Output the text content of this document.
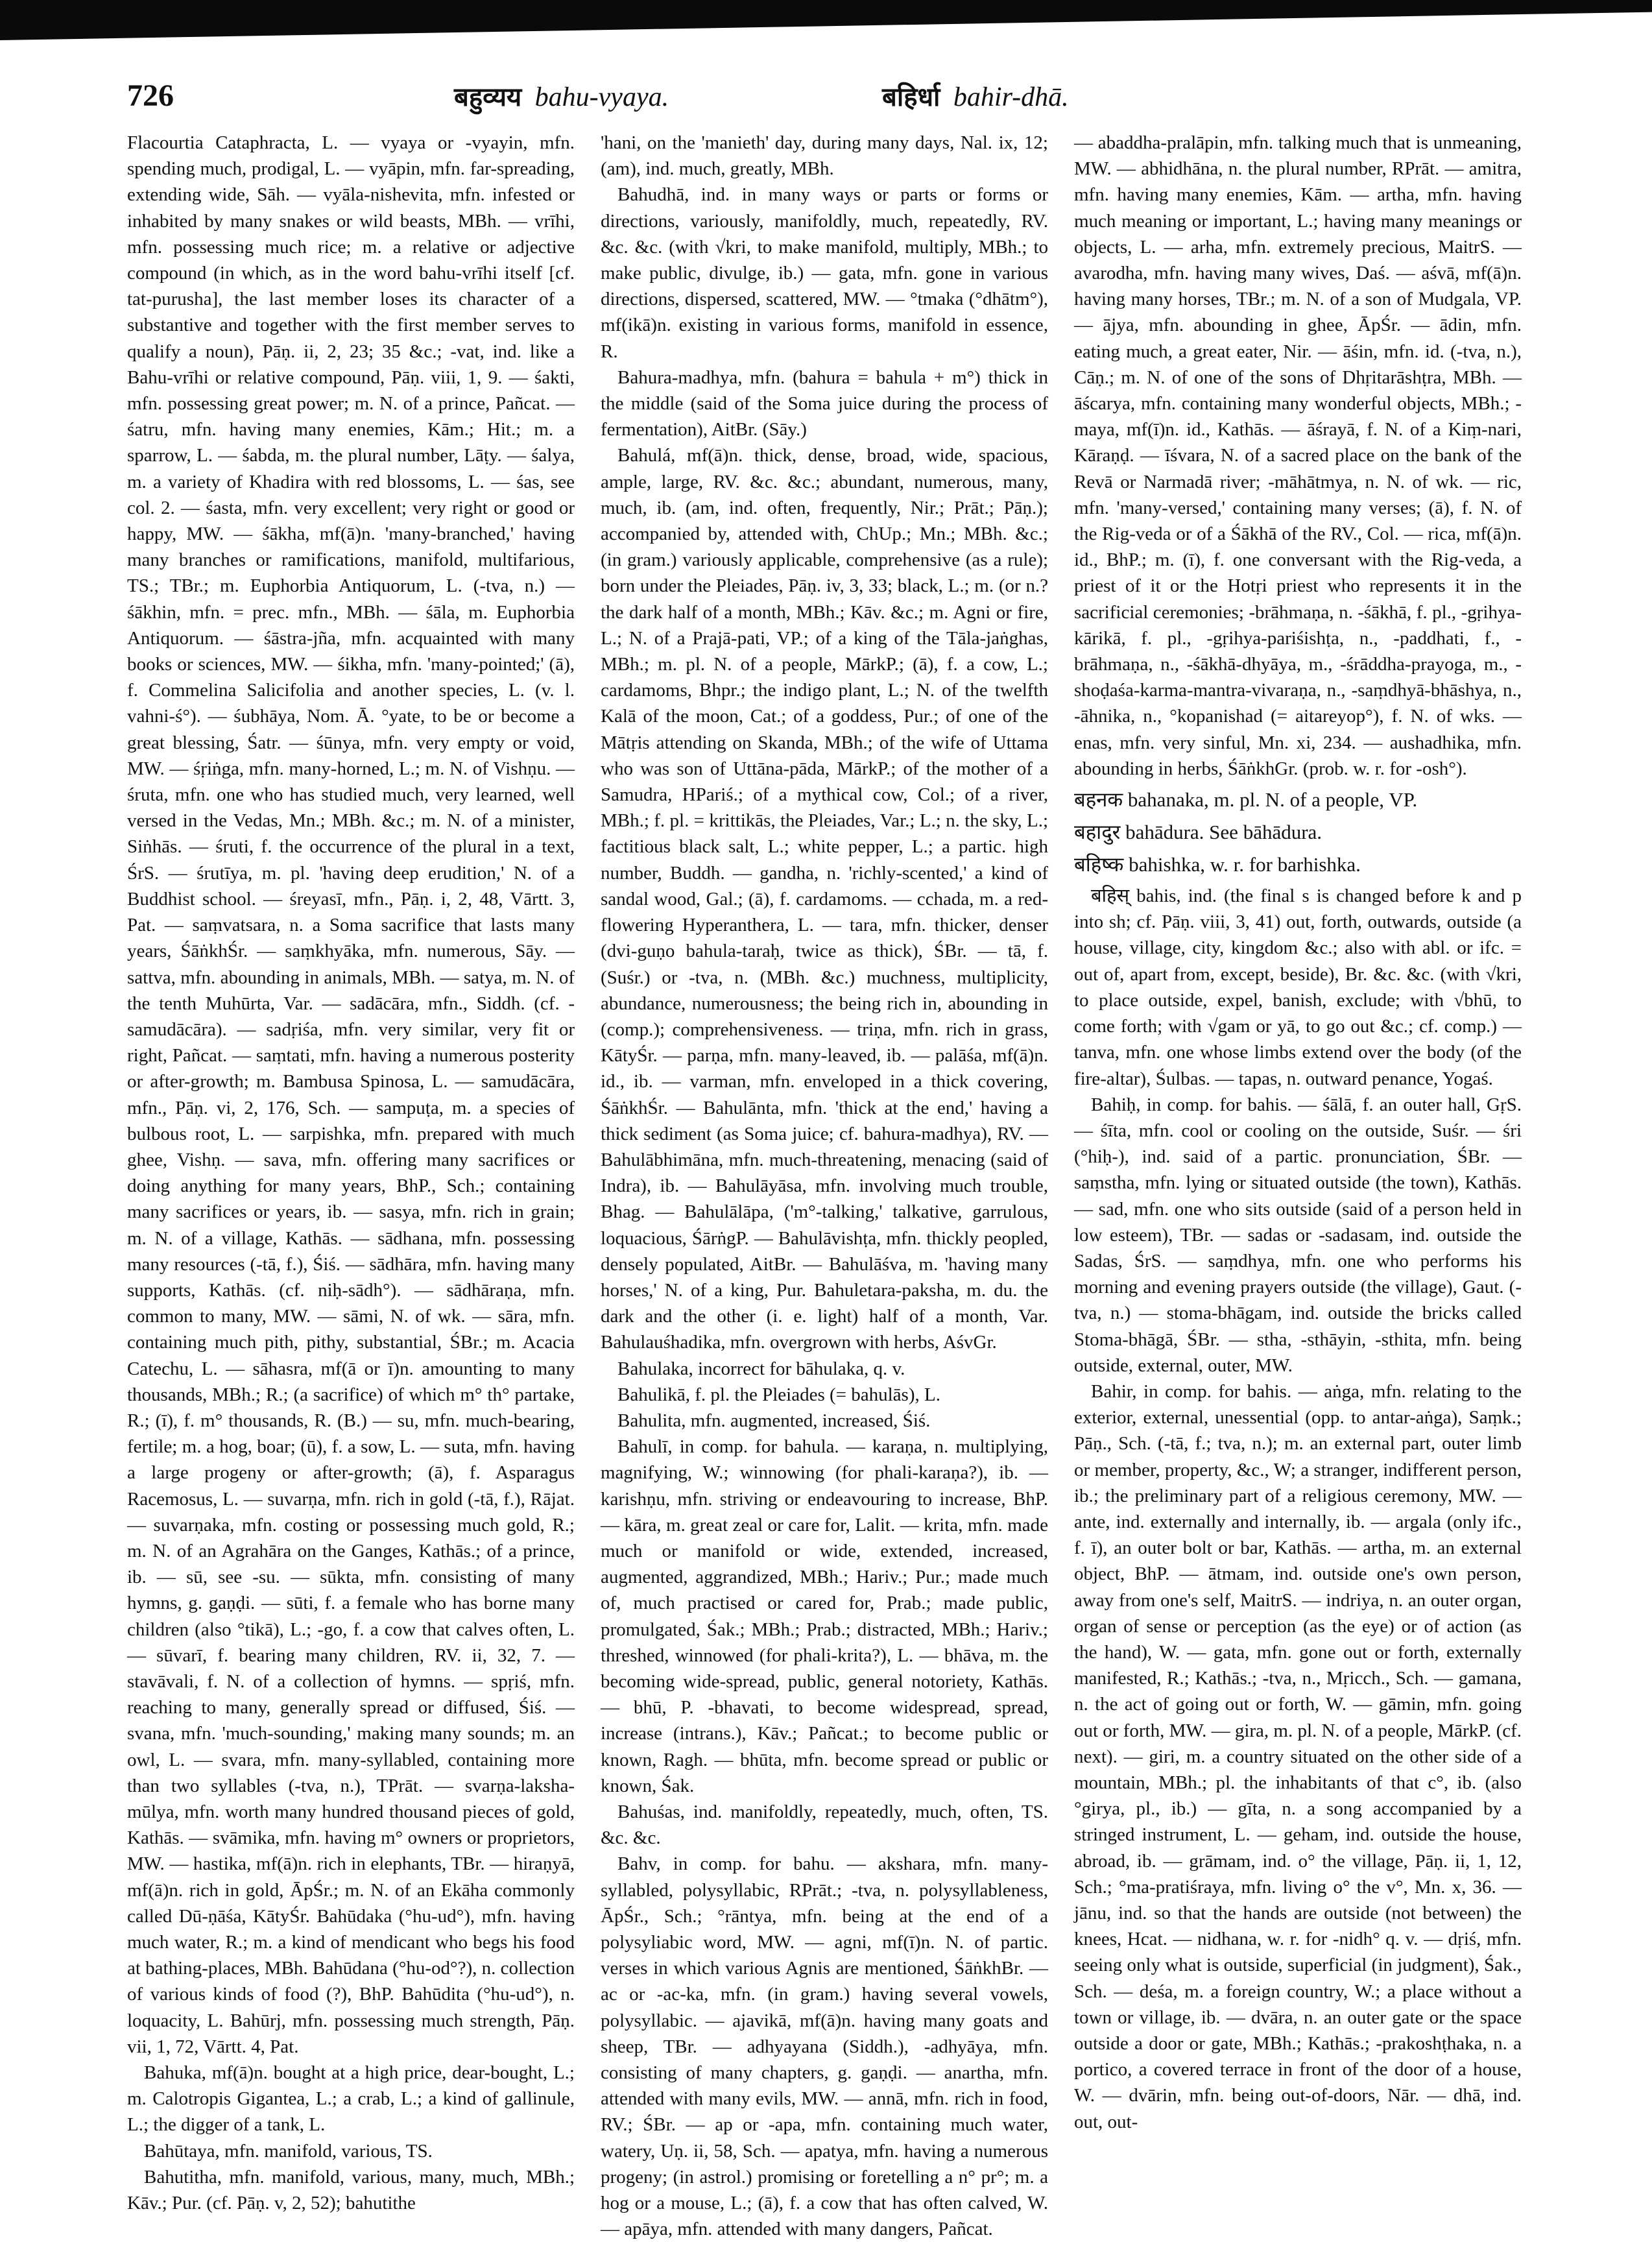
726	बहुव्यय bahu-vyaya.	बहिर्धा bahir-dhā.

Flacourtia Cataphracta, L. — vyaya or -vyayin, mfn. spending much, prodigal, L. — vyāpin, mfn. far-spreading, extending wide, Sāh. — vyāla-nishevita, mfn. infested or inhabited by many snakes or wild beasts, MBh. — vrīhi, mfn. possessing much rice; m. a relative or adjective compound (in which, as in the word bahu-vrīhi itself [cf. tat-purusha], the last member loses its character of a substantive and together with the first member serves to qualify a noun), Pāṇ. ii, 2, 23; 35 &c.; -vat, ind. like a Bahu-vrīhi or relative compound, Pāṇ. viii, 1, 9. — śakti, mfn. possessing great power; m. N. of a prince, Pañcat. — śatru, mfn. having many enemies, Kām.; Hit.; m. a sparrow, L. — śabda, m. the plural number, Lāṭy. — śalya, m. a variety of Khadira with red blossoms, L. — śas, see col. 2. — śasta, mfn. very excellent; very right or good or happy, MW. — śākha, mf(ā)n. 'many-branched,' having many branches or ramifications, manifold, multifarious, TS.; TBr.; m. Euphorbia Antiquorum, L. (-tva, n.) — śākhin, mfn. = prec. mfn., MBh. — śāla, m. Euphorbia Antiquorum. — śāstra-jña, mfn. acquainted with many books or sciences, MW. — śikha, mfn. 'many-pointed;' (ā), f. Commelina Salicifolia and another species, L. (v. l. vahni-ś°). — śubhāya, Nom. Ā. °yate, to be or become a great blessing, Śatr. — śūnya, mfn. very empty or void, MW. — śṛiṅga, mfn. many-horned, L.; m. N. of Vishṇu. — śruta, mfn. one who has studied much, very learned, well versed in the Vedas, Mn.; MBh. &c.; m. N. of a minister, Siṅhās. — śruti, f. the occurrence of the plural in a text, ŚrS. — śrutīya, m. pl. 'having deep erudition,' N. of a Buddhist school. — śreyasī, mfn., Pāṇ. i, 2, 48, Vārtt. 3, Pat. — saṃvatsara, n. a Soma sacrifice that lasts many years, ŚāṅkhŚr. — saṃkhyāka, mfn. numerous, Sāy. — sattva, mfn. abounding in animals, MBh. — satya, m. N. of the tenth Muhūrta, Var. — sadācāra, mfn., Siddh. (cf. -samudācāra). — sadṛiśa, mfn. very similar, very fit or right, Pañcat. — saṃtati, mfn. having a numerous posterity or after-growth; m. Bambusa Spinosa, L. — samudācāra, mfn., Pāṇ. vi, 2, 176, Sch. — sampuṭa, m. a species of bulbous root, L. — sarpishka, mfn. prepared with much ghee, Vishṇ. — sava, mfn. offering many sacrifices or doing anything for many years, BhP., Sch.; containing many sacrifices or years, ib. — sasya, mfn. rich in grain; m. N. of a village, Kathās. — sādhana, mfn. possessing many resources (-tā, f.), Śiś. — sādhāra, mfn. having many supports, Kathās. (cf. niḥ-sādh°). — sādhāraṇa, mfn. common to many, MW. — sāmi, N. of wk. — sāra, mfn. containing much pith, pithy, substantial, ŚBr.; m. Acacia Catechu, L. — sāhasra, mf(ā or ī)n. amounting to many thousands, MBh.; R.; (a sacrifice) of which m° th° partake, R.; (ī), f. m° thousands, R. (B.) — su, mfn. much-bearing, fertile; m. a hog, boar; (ū), f. a sow, L. — suta, mfn. having a large progeny or after-growth; (ā), f. Asparagus Racemosus, L. — suvarṇa, mfn. rich in gold (-tā, f.), Rājat. — suvarṇaka, mfn. costing or possessing much gold, R.; m. N. of an Agrahāra on the Ganges, Kathās.; of a prince, ib. — sū, see -su. — sūkta, mfn. consisting of many hymns, g. gaṇḍi. — sūti, f. a female who has borne many children (also °tikā), L.; -go, f. a cow that calves often, L. — sūvarī, f. bearing many children, RV. ii, 32, 7. — stavāvali, f. N. of a collection of hymns. — spṛiś, mfn. reaching to many, generally spread or diffused, Śiś. — svana, mfn. 'much-sounding,' making many sounds; m. an owl, L. — svara, mfn. many-syllabled, containing more than two syllables (-tva, n.), TPrāt. — svarṇa-laksha-mūlya, mfn. worth many hundred thousand pieces of gold, Kathās. — svāmika, mfn. having m° owners or proprietors, MW. — hastika, mf(ā)n. rich in elephants, TBr. — hiraṇyā, mf(ā)n. rich in gold, ĀpŚr.; m. N. of an Ekāha commonly called Dū-ṇāśa, KātyŚr. Bahūdaka (°hu-ud°), mfn. having much water, R.; m. a kind of mendicant who begs his food at bathing-places, MBh. Bahūdana (°hu-od°?), n. collection of various kinds of food (?), BhP. Bahūdita (°hu-ud°), n. loquacity, L. Bahūrj, mfn. possessing much strength, Pāṇ. vii, 1, 72, Vārtt. 4, Pat.

Bahuka, mf(ā)n. bought at a high price, dear-bought, L.; m. Calotropis Gigantea, L.; a crab, L.; a kind of gallinule, L.; the digger of a tank, L.

Bahūtaya, mfn. manifold, various, TS.

Bahutitha, mfn. manifold, various, many, much, MBh.; Kāv.; Pur. (cf. Pāṇ. v, 2, 52); bahutithe

'hani, on the 'manieth' day, during many days, Nal. ix, 12; (am), ind. much, greatly, MBh.

Bahudhā, ind. in many ways or parts or forms or directions, variously, manifoldly, much, repeatedly, RV. &c. &c. (with √kri, to make manifold, multiply, MBh.; to make public, divulge, ib.) — gata, mfn. gone in various directions, dispersed, scattered, MW. — °tmaka (°dhātm°), mf(ikā)n. existing in various forms, manifold in essence, R.

Bahura-madhya, mfn. (bahura = bahula + m°) thick in the middle (said of the Soma juice during the process of fermentation), AitBr. (Sāy.)

Bahulá, mf(ā)n. thick, dense, broad, wide, spacious, ample, large, RV. &c. &c.; abundant, numerous, many, much, ib. (am, ind. often, frequently, Nir.; Prāt.; Pāṇ.); accompanied by, attended with, ChUp.; Mn.; MBh. &c.; (in gram.) variously applicable, comprehensive (as a rule); born under the Pleiades, Pāṇ. iv, 3, 33; black, L.; m. (or n.? the dark half of a month, MBh.; Kāv. &c.; m. Agni or fire, L.; N. of a Prajā-pati, VP.; of a king of the Tāla-jaṅghas, MBh.; m. pl. N. of a people, MārkP.; (ā), f. a cow, L.; cardamoms, Bhpr.; the indigo plant, L.; N. of the twelfth Kalā of the moon, Cat.; of a goddess, Pur.; of one of the Mātṛis attending on Skanda, MBh.; of the wife of Uttama who was son of Uttāna-pāda, MārkP.; of the mother of a Samudra, HPariś.; of a mythical cow, Col.; of a river, MBh.; f. pl. = krittikās, the Pleiades, Var.; L.; n. the sky, L.; factitious black salt, L.; white pepper, L.; a partic. high number, Buddh. — gandha, n. 'richly-scented,' a kind of sandal wood, Gal.; (ā), f. cardamoms. — cchada, m. a red-flowering Hyperanthera, L. — tara, mfn. thicker, denser (dvi-guṇo bahula-taraḥ, twice as thick), ŚBr. — tā, f. (Suśr.) or -tva, n. (MBh. &c.) muchness, multiplicity, abundance, numerousness; the being rich in, abounding in (comp.); comprehensiveness. — triṇa, mfn. rich in grass, KātyŚr. — parṇa, mfn. many-leaved, ib. — palāśa, mf(ā)n. id., ib. — varman, mfn. enveloped in a thick covering, ŚāṅkhŚr. — Bahulānta, mfn. 'thick at the end,' having a thick sediment (as Soma juice; cf. bahura-madhya), RV. — Bahulābhimāna, mfn. much-threatening, menacing (said of Indra), ib. — Bahulāyāsa, mfn. involving much trouble, Bhag. — Bahulālāpa, ('m°-talking,' talkative, garrulous, loquacious, ŚārṅgP. — Bahulāvishṭa, mfn. thickly peopled, densely populated, AitBr. — Bahulāśva, m. 'having many horses,' N. of a king, Pur. Bahuletara-paksha, m. du. the dark and the other (i. e. light) half of a month, Var. Bahulauśhadika, mfn. overgrown with herbs, AśvGr.

Bahulaka, incorrect for bāhulaka, q. v.

Bahulikā, f. pl. the Pleiades (= bahulās), L.

Bahulita, mfn. augmented, increased, Śiś.

Bahulī, in comp. for bahula. — karaṇa, n. multiplying, magnifying, W.; winnowing (for phali-karaṇa?), ib. — karishṇu, mfn. striving or endeavouring to increase, BhP. — kāra, m. great zeal or care for, Lalit. — krita, mfn. made much or manifold or wide, extended, increased, augmented, aggrandized, MBh.; Hariv.; Pur.; made much of, much practised or cared for, Prab.; made public, promulgated, Śak.; MBh.; Prab.; distracted, MBh.; Hariv.; threshed, winnowed (for phali-krita?), L. — bhāva, m. the becoming wide-spread, public, general notoriety, Kathās. — bhū, P. -bhavati, to become widespread, spread, increase (intrans.), Kāv.; Pañcat.; to become public or known, Ragh. — bhūta, mfn. become spread or public or known, Śak.

Bahuśas, ind. manifoldly, repeatedly, much, often, TS. &c. &c.

Bahv, in comp. for bahu. — akshara, mfn. many-syllabled, polysyllabic, RPrāt.; -tva, n. polysyllableness, ĀpŚr., Sch.; °rāntya, mfn. being at the end of a polysyliabic word, MW. — agni, mf(ī)n. N. of partic. verses in which various Agnis are mentioned, ŚāṅkhBr. — ac or -ac-ka, mfn. (in gram.) having several vowels, polysyllabic. — ajavikā, mf(ā)n. having many goats and sheep, TBr. — adhyayana (Siddh.), -adhyāya, mfn. consisting of many chapters, g. gaṇḍi. — anartha, mfn. attended with many evils, MW. — annā, mfn. rich in food, RV.; ŚBr. — ap or -apa, mfn. containing much water, watery, Uṇ. ii, 58, Sch. — apatya, mfn. having a numerous progeny; (in astrol.) promising or foretelling a n° pr°; m. a hog or a mouse, L.; (ā), f. a cow that has often calved, W. — apāya, mfn. attended with many dangers, Pañcat.

— abaddha-pralāpin, mfn. talking much that is unmeaning, MW. — abhidhāna, n. the plural number, RPrāt. — amitra, mfn. having many enemies, Kām. — artha, mfn. having much meaning or important, L.; having many meanings or objects, L. — arha, mfn. extremely precious, MaitrS. — avarodha, mfn. having many wives, Daś. — aśvā, mf(ā)n. having many horses, TBr.; m. N. of a son of Mudgala, VP. — ājya, mfn. abounding in ghee, ĀpŚr. — ādin, mfn. eating much, a great eater, Nir. — āśin, mfn. id. (-tva, n.), Cāṇ.; m. N. of one of the sons of Dhṛitarāshṭra, MBh. — āścarya, mfn. containing many wonderful objects, MBh.; -maya, mf(ī)n. id., Kathās. — āśrayā, f. N. of a Kiṃ-nari, Kāraṇḍ. — īśvara, N. of a sacred place on the bank of the Revā or Narmadā river; -māhātmya, n. N. of wk. — ric, mfn. 'many-versed,' containing many verses; (ā), f. N. of the Rig-veda or of a Śākhā of the RV., Col. — rica, mf(ā)n. id., BhP.; m. (ī), f. one conversant with the Rig-veda, a priest of it or the Hotṛi priest who represents it in the sacrificial ceremonies; -brāhmaṇa, n. -śākhā, f. pl., -gṛihya-kārikā, f. pl., -gṛihya-pariśishṭa, n., -paddhati, f., -brāhmaṇa, n., -śākhā-dhyāya, m., -śrāddha-prayoga, m., -shoḍaśa-karma-mantra-vivaraṇa, n., -saṃdhyā-bhāshya, n., -āhnika, n., °kopanishad (= aitareyop°), f. N. of wks. — enas, mfn. very sinful, Mn. xi, 234. — aushadhika, mfn. abounding in herbs, ŚāṅkhGr. (prob. w. r. for -osh°).

बहनक bahanaka, m. pl. N. of a people, VP.

बहादुर bahādura. See bāhādura.

बहिष्क bahishka, w. r. for barhishka.

बहिस् bahis, ind. (the final s is changed before k and p into sh; cf. Pāṇ. viii, 3, 41) out, forth, outwards, outside (a house, village, city, kingdom &c.; also with abl. or ifc. = out of, apart from, except, beside), Br. &c. &c. (with √kri, to place outside, expel, banish, exclude; with √bhū, to come forth; with √gam or yā, to go out &c.; cf. comp.) — tanva, mfn. one whose limbs extend over the body (of the fire-altar), Śulbas. — tapas, n. outward penance, Yogaś.

Bahiḥ, in comp. for bahis. — śālā, f. an outer hall, GṛS. — śīta, mfn. cool or cooling on the outside, Suśr. — śri (°hiḥ-), ind. said of a partic. pronunciation, ŚBr. — saṃstha, mfn. lying or situated outside (the town), Kathās. — sad, mfn. one who sits outside (said of a person held in low esteem), TBr. — sadas or -sadasam, ind. outside the Sadas, ŚrS. — saṃdhya, mfn. one who performs his morning and evening prayers outside (the village), Gaut. (-tva, n.) — stoma-bhāgam, ind. outside the bricks called Stoma-bhāgā, ŚBr. — stha, -sthāyin, -sthita, mfn. being outside, external, outer, MW.

Bahir, in comp. for bahis. — aṅga, mfn. relating to the exterior, external, unessential (opp. to antar-aṅga), Saṃk.; Pāṇ., Sch. (-tā, f.; tva, n.); m. an external part, outer limb or member, property, &c., W; a stranger, indifferent person, ib.; the preliminary part of a religious ceremony, MW. — ante, ind. externally and internally, ib. — argala (only ifc., f. ī), an outer bolt or bar, Kathās. — artha, m. an external object, BhP. — ātmam, ind. outside one's own person, away from one's self, MaitrS. — indriya, n. an outer organ, organ of sense or perception (as the eye) or of action (as the hand), W. — gata, mfn. gone out or forth, externally manifested, R.; Kathās.; -tva, n., Mṛicch., Sch. — gamana, n. the act of going out or forth, W. — gāmin, mfn. going out or forth, MW. — gira, m. pl. N. of a people, MārkP. (cf. next). — giri, m. a country situated on the other side of a mountain, MBh.; pl. the inhabitants of that c°, ib. (also °girya, pl., ib.) — gīta, n. a song accompanied by a stringed instrument, L. — geham, ind. outside the house, abroad, ib. — grāmam, ind. o° the village, Pāṇ. ii, 1, 12, Sch.; °ma-pratiśraya, mfn. living o° the v°, Mn. x, 36. — jānu, ind. so that the hands are outside (not between) the knees, Hcat. — nidhana, w. r. for -nidh° q. v. — dṛiś, mfn. seeing only what is outside, superficial (in judgment), Śak., Sch. — deśa, m. a foreign country, W.; a place without a town or village, ib. — dvāra, n. an outer gate or the space outside a door or gate, MBh.; Kathās.; -prakoshṭhaka, n. a portico, a covered terrace in front of the door of a house, W. — dvārin, mfn. being out-of-doors, Nār. — dhā, ind. out, out-
